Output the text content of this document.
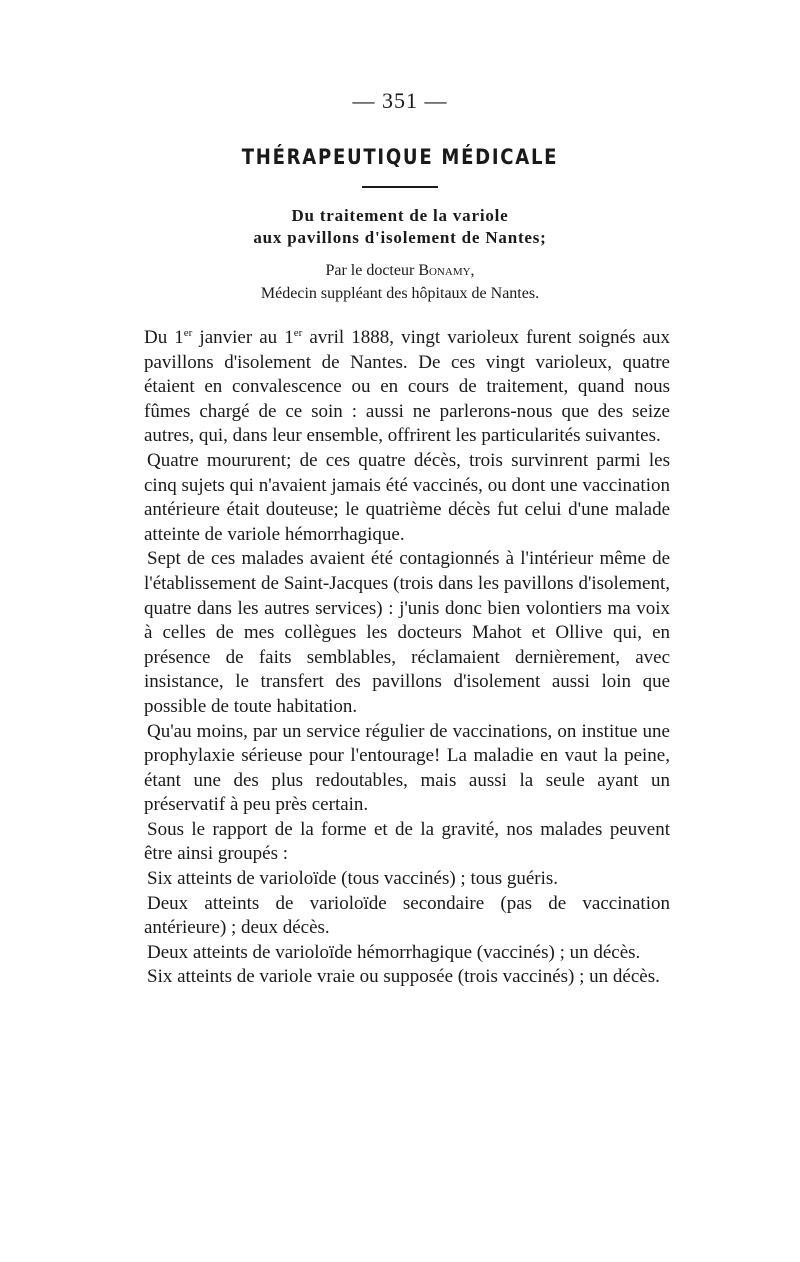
— 351 —

THÉRAPEUTIQUE MÉDICALE
Du traitement de la variole
aux pavillons d'isolement de Nantes;
Par le docteur Bonamy,
Médecin suppléant des hôpitaux de Nantes.

Du 1er janvier au 1er avril 1888, vingt varioleux furent soignés aux pavillons d'isolement de Nantes. De ces vingt varioleux, quatre étaient en convalescence ou en cours de traitement, quand nous fûmes chargé de ce soin : aussi ne parlerons-nous que des seize autres, qui, dans leur ensemble, offrirent les particularités suivantes.

Quatre moururent; de ces quatre décès, trois survinrent parmi les cinq sujets qui n'avaient jamais été vaccinés, ou dont une vaccination antérieure était douteuse; le quatrième décès fut celui d'une malade atteinte de variole hémorrhagique.

Sept de ces malades avaient été contagionnés à l'intérieur même de l'établissement de Saint-Jacques (trois dans les pavillons d'isolement, quatre dans les autres services) : j'unis donc bien volontiers ma voix à celles de mes collègues les docteurs Mahot et Ollive qui, en présence de faits semblables, réclamaient dernièrement, avec insistance, le transfert des pavillons d'isolement aussi loin que possible de toute habitation.

Qu'au moins, par un service régulier de vaccinations, on institue une prophylaxie sérieuse pour l'entourage! La maladie en vaut la peine, étant une des plus redoutables, mais aussi la seule ayant un préservatif à peu près certain.

Sous le rapport de la forme et de la gravité, nos malades peuvent être ainsi groupés :

Six atteints de varioloïde (tous vaccinés) ; tous guéris.

Deux atteints de varioloïde secondaire (pas de vaccination antérieure) ; deux décès.

Deux atteints de varioloïde hémorrhagique (vaccinés) ; un décès.

Six atteints de variole vraie ou supposée (trois vaccinés) ; un décès.
